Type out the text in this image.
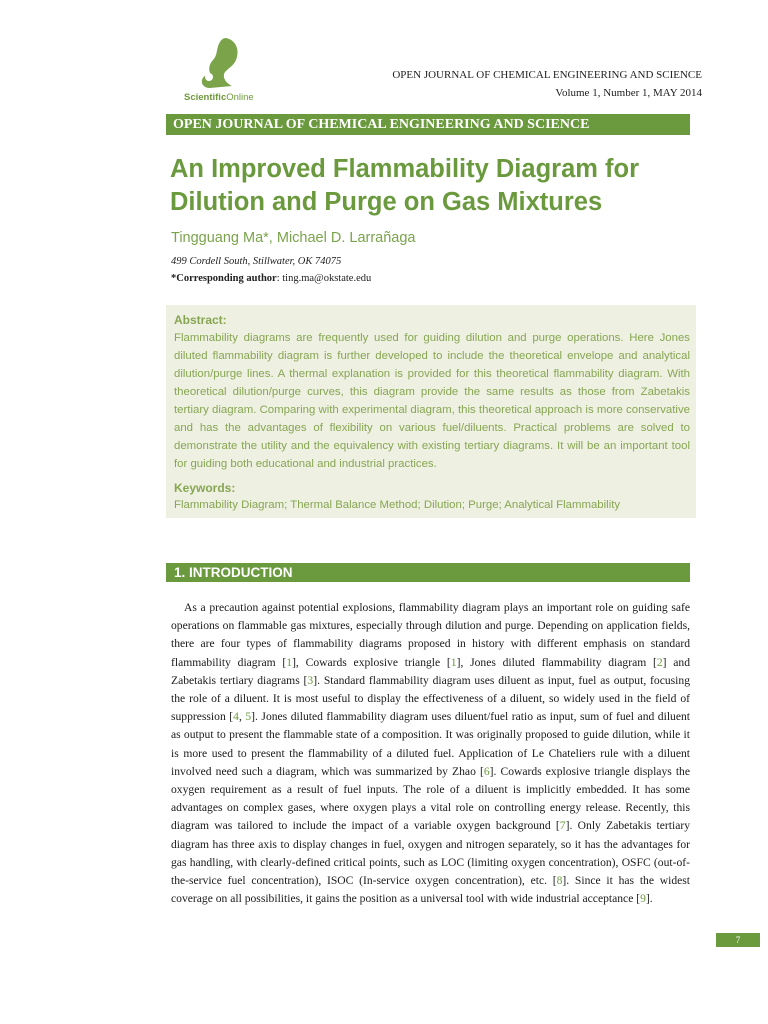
ScientificOnline
OPEN JOURNAL OF CHEMICAL ENGINEERING AND SCIENCE
Volume 1, Number 1, MAY 2014
OPEN JOURNAL OF CHEMICAL ENGINEERING AND SCIENCE
An Improved Flammability Diagram for Dilution and Purge on Gas Mixtures
Tingguang Ma*, Michael D. Larrañaga
499 Cordell South, Stillwater, OK 74075
*Corresponding author: ting.ma@okstate.edu
Abstract:

Flammability diagrams are frequently used for guiding dilution and purge operations. Here Jones diluted flammability diagram is further developed to include the theoretical envelope and analytical dilution/purge lines. A thermal explanation is provided for this theoretical flammability diagram. With theoretical dilution/purge curves, this diagram provide the same results as those from Zabetakis tertiary diagram. Comparing with experimental diagram, this theoretical approach is more conservative and has the advantages of flexibility on various fuel/diluents. Practical problems are solved to demonstrate the utility and the equivalency with existing tertiary diagrams. It will be an important tool for guiding both educational and industrial practices.

Keywords:
Flammability Diagram; Thermal Balance Method; Dilution; Purge; Analytical Flammability
1. INTRODUCTION

As a precaution against potential explosions, flammability diagram plays an important role on guiding safe operations on flammable gas mixtures, especially through dilution and purge. Depending on application fields, there are four types of flammability diagrams proposed in history with different emphasis on standard flammability diagram [1], Cowards explosive triangle [1], Jones diluted flammability diagram [2] and Zabetakis tertiary diagrams [3]. Standard flammability diagram uses diluent as input, fuel as output, focusing the role of a diluent. It is most useful to display the effectiveness of a diluent, so widely used in the field of suppression [4, 5]. Jones diluted flammability diagram uses diluent/fuel ratio as input, sum of fuel and diluent as output to present the flammable state of a composition. It was originally proposed to guide dilution, while it is more used to present the flammability of a diluted fuel. Application of Le Chateliers rule with a diluent involved need such a diagram, which was summarized by Zhao [6]. Cowards explosive triangle displays the oxygen requirement as a result of fuel inputs. The role of a diluent is implicitly embedded. It has some advantages on complex gases, where oxygen plays a vital role on controlling energy release. Recently, this diagram was tailored to include the impact of a variable oxygen background [7]. Only Zabetakis tertiary diagram has three axis to display changes in fuel, oxygen and nitrogen separately, so it has the advantages for gas handling, with clearly-defined critical points, such as LOC (limiting oxygen concentration), OSFC (out-of-the-service fuel concentration), ISOC (In-service oxygen concentration), etc. [8]. Since it has the widest coverage on all possibilities, it gains the position as a universal tool with wide industrial acceptance [9].

7
